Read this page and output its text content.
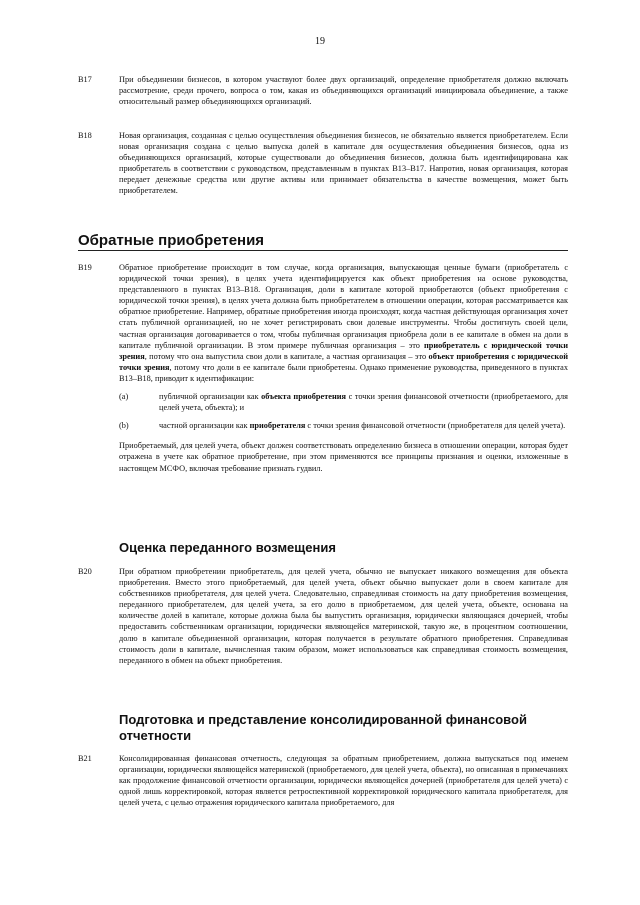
19
B17	При объединении бизнесов, в котором участвуют более двух организаций, определение приобретателя должно включать рассмотрение, среди прочего, вопроса о том, какая из объединяющихся организаций инициировала объединение, а также относительный размер объединяющихся организаций.
B18	Новая организация, созданная с целью осуществления объединения бизнесов, не обязательно является приобретателем. Если новая организация создана с целью выпуска долей в капитале для осуществления объединения бизнесов, одна из объединяющихся организаций, которые существовали до объединения бизнесов, должна быть идентифицирована как приобретатель в соответствии с руководством, представленным в пунктах B13–B17. Напротив, новая организация, которая передает денежные средства или другие активы или принимает обязательства в качестве возмещения, может быть приобретателем.
Обратные приобретения
B19	Обратное приобретение происходит в том случае, когда организация, выпускающая ценные бумаги (приобретатель с юридической точки зрения), в целях учета идентифицируется как объект приобретения на основе руководства, представленного в пунктах B13–B18. Организация, доли в капитале которой приобретаются (объект приобретения с юридической точки зрения), в целях учета должна быть приобретателем в отношении операции, которая рассматривается как обратное приобретение. Например, обратные приобретения иногда происходят, когда частная действующая организация хочет стать публичной организацией, но не хочет регистрировать свои долевые инструменты. Чтобы достигнуть своей цели, частная организация договаривается о том, чтобы публичная организация приобрела доли в ее капитале в обмен на доли в капитале публичной организации. В этом примере публичная организация – это приобретатель с юридической точки зрения, потому что она выпустила свои доли в капитале, а частная организация – это объект приобретения с юридической точки зрения, потому что доли в ее капитале были приобретены. Однако применение руководства, приведенного в пунктах B13–B18, приводит к идентификации:
(a)	публичной организации как объекта приобретения с точки зрения финансовой отчетности (приобретаемого, для целей учета, объекта); и
(b)	частной организации как приобретателя с точки зрения финансовой отчетности (приобретателя для целей учета).
Приобретаемый, для целей учета, объект должен соответствовать определению бизнеса в отношении операции, которая будет отражена в учете как обратное приобретение, при этом применяются все принципы признания и оценки, изложенные в настоящем МСФО, включая требование признать гудвил.
Оценка переданного возмещения
B20	При обратном приобретении приобретатель, для целей учета, обычно не выпускает никакого возмещения для объекта приобретения. Вместо этого приобретаемый, для целей учета, объект обычно выпускает доли в своем капитале для собственников приобретателя, для целей учета. Следовательно, справедливая стоимость на дату приобретения возмещения, переданного приобретателем, для целей учета, за его долю в приобретаемом, для целей учета, объекте, основана на количестве долей в капитале, которые должна была бы выпустить организация, юридически являющаяся дочерней, чтобы предоставить собственникам организации, юридически являющейся материнской, такую же, в процентном соотношении, долю в капитале объединенной организации, которая получается в результате обратного приобретения. Справедливая стоимость доли в капитале, вычисленная таким образом, может использоваться как справедливая стоимость возмещения, переданного в обмен на объект приобретения.
Подготовка и представление консолидированной финансовой отчетности
B21	Консолидированная финансовая отчетность, следующая за обратным приобретением, должна выпускаться под именем организации, юридически являющейся материнской (приобретаемого, для целей учета, объекта), но описанная в примечаниях как продолжение финансовой отчетности организации, юридически являющейся дочерней (приобретателя для целей учета) с одной лишь корректировкой, которая является ретроспективной корректировкой юридического капитала приобретателя, для целей учета, с целью отражения юридического капитала приобретаемого, для
